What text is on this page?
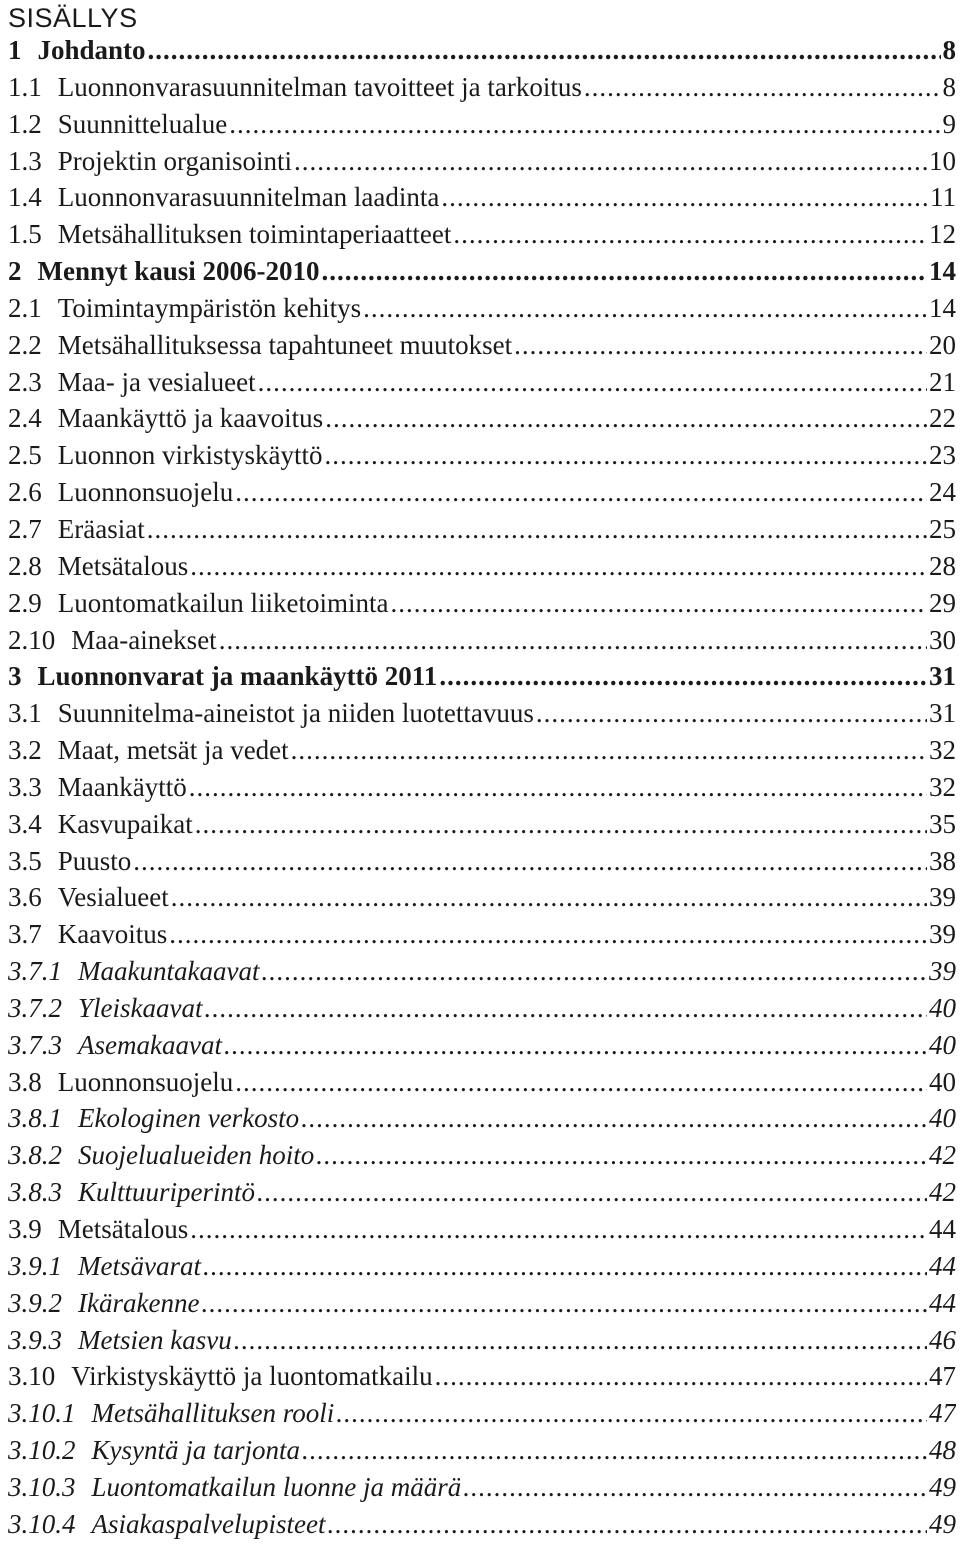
SISÄLLYS
1 Johdanto .....	8
1.1 Luonnonvarasuunnitelman tavoitteet ja tarkoitus .....	8
1.2 Suunnittelualue .....	9
1.3 Projektin organisointi .....	10
1.4 Luonnonvarasuunnitelman laadinta .....	11
1.5 Metsähallituksen toimintaperiaatteet .....	12
2 Mennyt kausi 2006-2010 .....	14
2.1 Toimintaympäristön kehitys .....	14
2.2 Metsähallituksessa tapahtuneet muutokset .....	20
2.3 Maa- ja vesialueet .....	21
2.4 Maankäyttö ja kaavoitus .....	22
2.5 Luonnon virkistyskäyttö .....	23
2.6 Luonnonsuojelu .....	24
2.7 Eräasiat .....	25
2.8 Metsätalous .....	28
2.9 Luontomatkailun liiketoiminta .....	29
2.10 Maa-ainekset .....	30
3 Luonnonvarat ja maankäyttö 2011 .....	31
3.1 Suunnitelma-aineistot ja niiden luotettavuus .....	31
3.2 Maat, metsät ja vedet .....	32
3.3 Maankäyttö .....	32
3.4 Kasvupaikat .....	35
3.5 Puusto .....	38
3.6 Vesialueet .....	39
3.7 Kaavoitus .....	39
3.7.1 Maakuntakaavat .....	39
3.7.2 Yleiskaavat .....	40
3.7.3 Asemakaavat .....	40
3.8 Luonnonsuojelu .....	40
3.8.1 Ekologinen verkosto .....	40
3.8.2 Suojelualueiden hoito .....	42
3.8.3 Kulttuuriperintö .....	42
3.9 Metsätalous .....	44
3.9.1 Metsävarat .....	44
3.9.2 Ikärakenne .....	44
3.9.3 Metsien kasvu .....	46
3.10 Virkistyskäyttö ja luontomatkailu .....	47
3.10.1 Metsähallituksen rooli .....	47
3.10.2 Kysyntä ja tarjonta .....	48
3.10.3 Luontomatkailun luonne ja määrä .....	49
3.10.4 Asiakaspalvelupisteet .....	49
